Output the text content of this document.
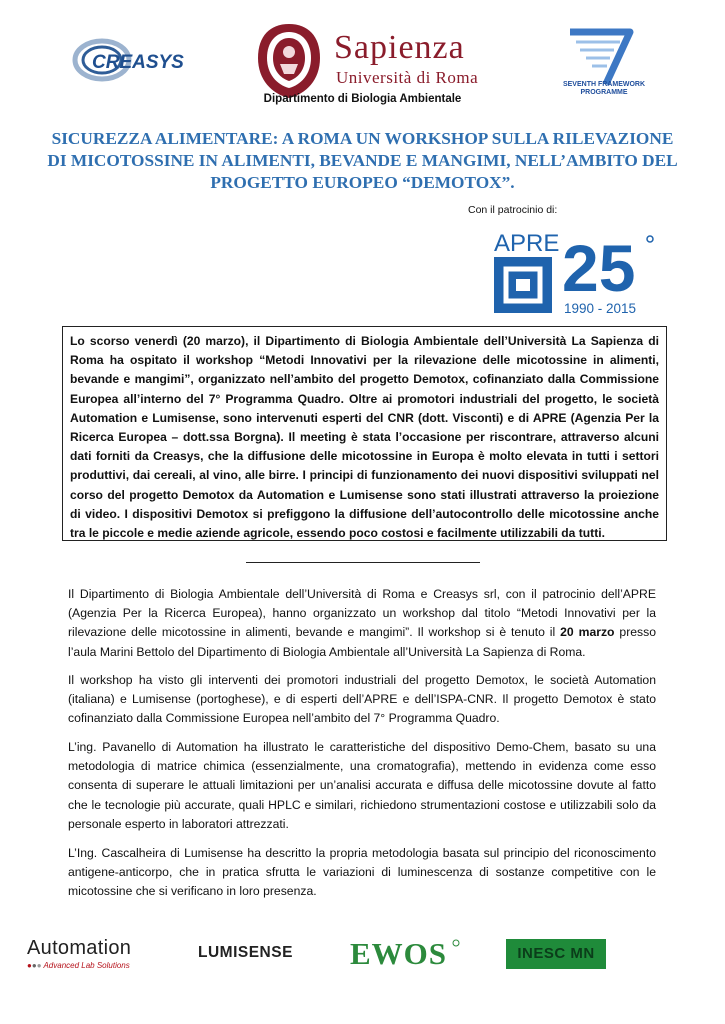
CREASYS	Sapienza
Università di Roma	SEVENTH FRAMEWORK
PROGRAMME
Dipartimento di Biologia Ambientale
SICUREZZA ALIMENTARE: A ROMA UN WORKSHOP SULLA RILEVAZIONE DI MICOTOSSINE IN ALIMENTI, BEVANDE E MANGIMI, NELL’AMBITO DEL PROGETTO EUROPEO “DEMOTOX”.
Con il patrocinio di:
APRE 25
1990 - 2015

Lo scorso venerdì (20 marzo), il Dipartimento di Biologia Ambientale dell’Università La Sapienza di Roma ha ospitato il workshop “Metodi Innovativi per la rilevazione delle micotossine in alimenti, bevande e mangimi”, organizzato nell’ambito del progetto Demotox, cofinanziato dalla Commissione Europea all’interno del 7° Programma Quadro. Oltre ai promotori industriali del progetto, le società Automation e Lumisense, sono intervenuti esperti del CNR (dott. Visconti) e di APRE (Agenzia Per la Ricerca Europea – dott.ssa Borgna). Il meeting è stata l’occasione per riscontrare, attraverso alcuni dati forniti da Creasys, che la diffusione delle micotossine in Europa è molto elevata in tutti i settori produttivi, dai cereali, al vino, alle birre. I principi di funzionamento dei nuovi dispositivi sviluppati nel corso del progetto Demotox da Automation e Lumisense sono stati illustrati attraverso la proiezione di video. I dispositivi Demotox si prefiggono la diffusione dell’autocontrollo delle micotossine anche tra le piccole e medie aziende agricole, essendo poco costosi e facilmente utilizzabili da tutti.

Il Dipartimento di Biologia Ambientale dell’Università di Roma e Creasys srl, con il patrocinio dell’APRE (Agenzia Per la Ricerca Europea), hanno organizzato un workshop dal titolo “Metodi Innovativi per la rilevazione delle micotossine in alimenti, bevande e mangimi”. Il workshop si è tenuto il 20 marzo presso l’aula Marini Bettolo del Dipartimento di Biologia Ambientale all’Università La Sapienza di Roma.

Il workshop ha visto gli interventi dei promotori industriali del progetto Demotox, le società Automation (italiana) e Lumisense (portoghese), e di esperti dell’APRE e dell’ISPA-CNR. Il progetto Demotox è stato cofinanziato dalla Commissione Europea nell’ambito del 7° Programma Quadro.

L’ing. Pavanello di Automation ha illustrato le caratteristiche del dispositivo Demo-Chem, basato su una metodologia di matrice chimica (essenzialmente, una cromatografia), mettendo in evidenza come esso consenta di superare le attuali limitazioni per un’analisi accurata e diffusa delle micotossine dovute al fatto che le tecnologie più accurate, quali HPLC e similari, richiedono strumentazioni costose e utilizzabili solo da personale esperto in laboratori attrezzati.

L’Ing. Cascalheira di Lumisense ha descritto la propria metodologia basata sul principio del riconoscimento antigene-anticorpo, che in pratica sfrutta le variazioni di luminescenza di sostanze competitive con le micotossine che si verificano in loro presenza.

Automation
●●● Advanced Lab Solutions
LUMISENSE EWOS	INESC MN
